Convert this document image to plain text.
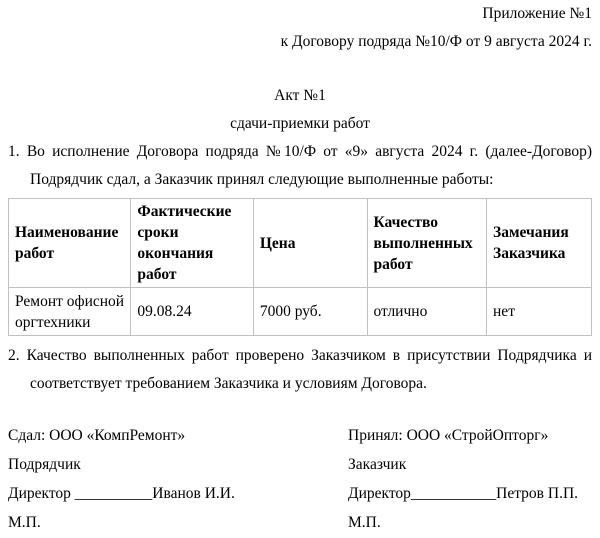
Приложение №1
к Договору подряда №10/Ф от 9 августа 2024 г.
Акт №1
сдачи-приемки работ
1. Во исполнение Договора подряда №10/Ф от «9» августа 2024 г. (далее-Договор)
Подрядчик сдал, а Заказчик принял следующие выполненные работы:
Наименование работ	Фактические сроки окончания работ	Цена	Качество выполненных работ	Замечания Заказчика
Ремонт офисной оргтехники	09.08.24	7000 руб.	отлично	нет
2. Качество выполненных работ проверено Заказчиком в присутствии Подрядчика и
соответствует требованием Заказчика и условиям Договора.
Сдал: ООО «КомпРемонт»
Подрядчик
Директор __________Иванов И.И.
М.П.
Принял: ООО «СтройОпторг»
Заказчик
Директор___________Петров П.П.
М.П.
